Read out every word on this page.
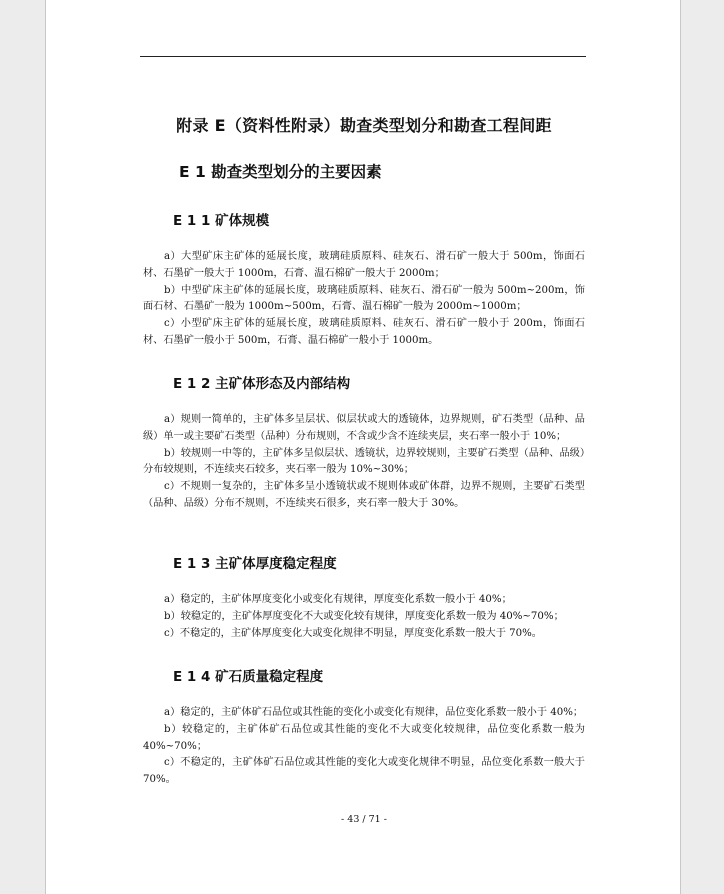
附录 E（资料性附录）勘查类型划分和勘查工程间距
E 1 勘查类型划分的主要因素
E 1 1 矿体规模

a）大型矿床主矿体的延展长度，玻璃硅质原料、硅灰石、滑石矿一般大于 500m，饰面石材、石墨矿一般大于 1000m，石膏、温石棉矿一般大于 2000m；

b）中型矿床主矿体的延展长度，玻璃硅质原料、硅灰石、滑石矿一般为 500m~200m，饰面石材、石墨矿一般为 1000m~500m，石膏、温石棉矿一般为 2000m~1000m；

c）小型矿床主矿体的延展长度，玻璃硅质原料、硅灰石、滑石矿一般小于 200m，饰面石材、石墨矿一般小于 500m，石膏、温石棉矿一般小于 1000m。

E 1 2 主矿体形态及内部结构

a）规则一简单的，主矿体多呈层状、似层状或大的透镜体，边界规则，矿石类型（品种、品级）单一或主要矿石类型（品种）分布规则，不含或少含不连续夹层，夹石率一般小于 10%；

b）较规则一中等的，主矿体多呈似层状、透镜状，边界较规则，主要矿石类型（品种、品级）分布较规则，不连续夹石较多，夹石率一般为 10%~30%；

c）不规则一复杂的，主矿体多呈小透镜状或不规则体或矿体群，边界不规则，主要矿石类型（品种、品级）分布不规则，不连续夹石很多，夹石率一般大于 30%。

E 1 3 主矿体厚度稳定程度

a）稳定的，主矿体厚度变化小或变化有规律，厚度变化系数一般小于 40%；

b）较稳定的，主矿体厚度变化不大或变化较有规律，厚度变化系数一般为 40%~70%；

c）不稳定的，主矿体厚度变化大或变化规律不明显，厚度变化系数一般大于 70%。

E 1 4 矿石质量稳定程度

a）稳定的，主矿体矿石品位或其性能的变化小或变化有规律，品位变化系数一般小于 40%；

b）较稳定的，主矿体矿石品位或其性能的变化不大或变化较规律，品位变化系数一般为 40%~70%；

c）不稳定的，主矿体矿石品位或其性能的变化大或变化规律不明显，品位变化系数一般大于 70%。

- 43 / 71 -
